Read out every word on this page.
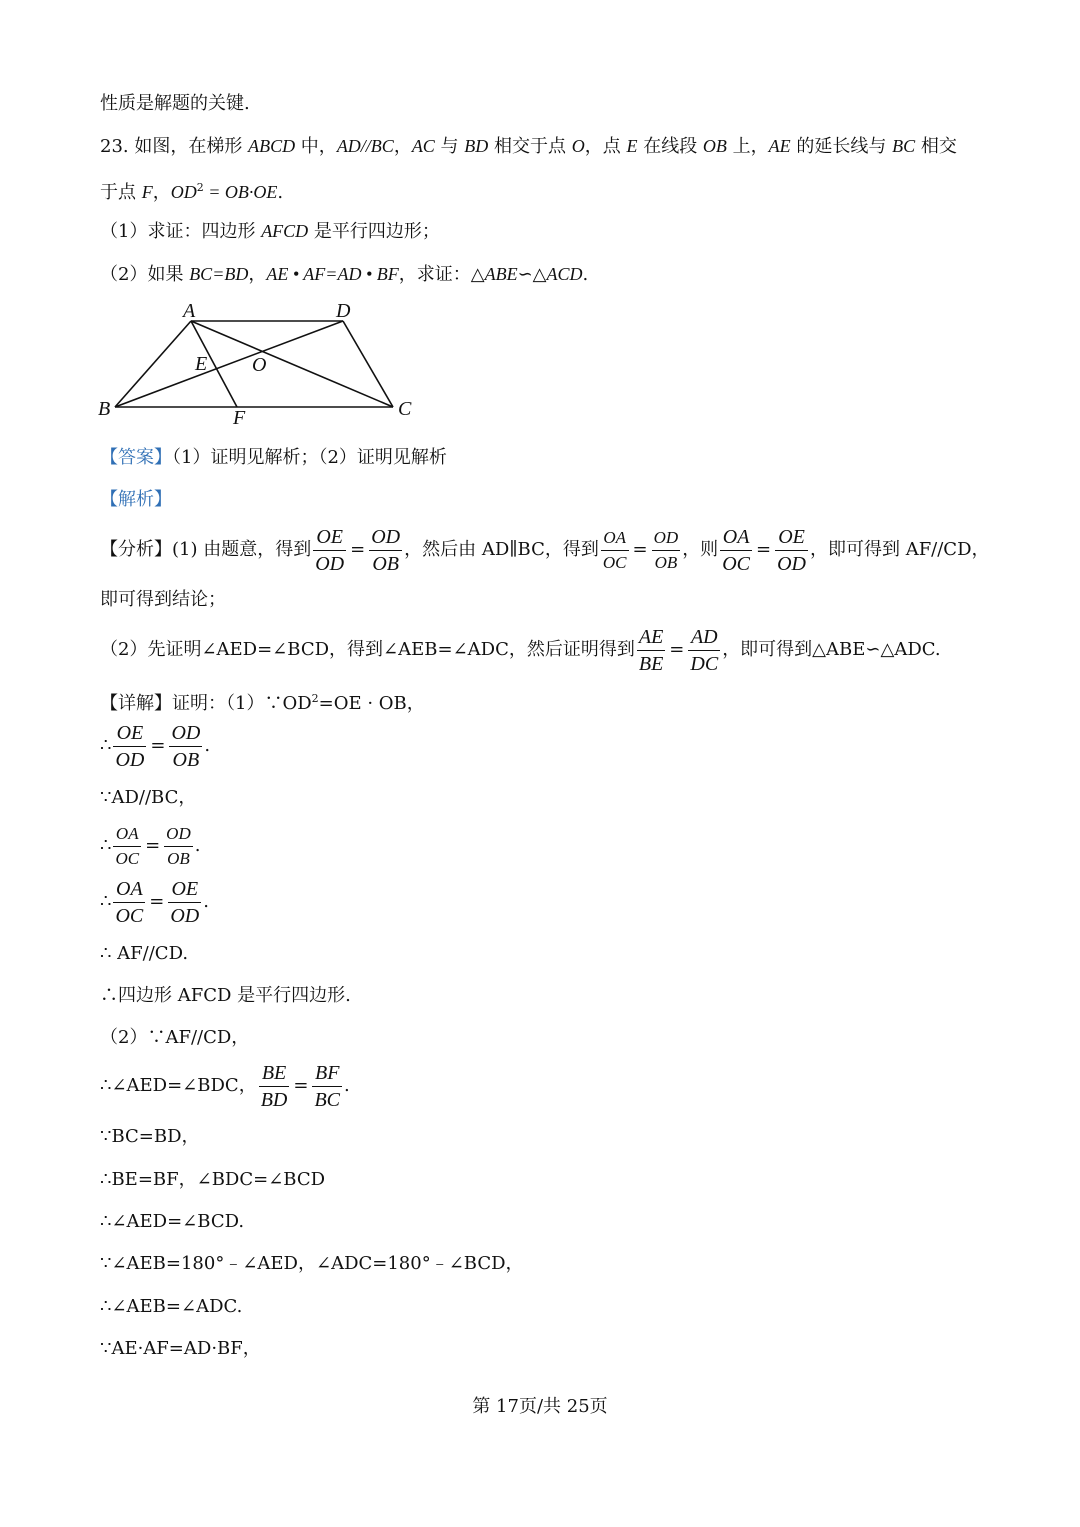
性质是解题的关键.
23. 如图，在梯形 ABCD 中，AD//BC，AC 与 BD 相交于点 O，点 E 在线段 OB 上，AE 的延长线与 BC 相交
于点 F，$OD^2 = OB\cdot OE$.
（1）求证：四边形 AFCD 是平行四边形；
（2）如果 BC=BD，AE • AF=AD • BF，求证：△ABE∽△ACD.
A	D
B	C
E O
F
【答案】（1）证明见解析；（2）证明见解析
【解析】
【分析】(1) 由题意，得到 $\frac{OE}{OD} = \frac{OD}{OB}$ ，然后由 AD∥BC，得到 $\frac{OA}{OC} = \frac{OD}{OB}$ ，则 $\frac{OA}{OC} = \frac{OE}{OD}$ ，即可得到 AF//CD，
即可得到结论；
（2）先证明∠AED=∠BCD，得到∠AEB=∠ADC，然后证明得到 $\frac{AE}{BE} = \frac{AD}{DC}$ ，即可得到△ABE∽△ADC.
【详解】证明：$(1)\because OD^2=OE$ · OB，
∴ $\frac{OE}{OD} = \frac{OD}{OB}$ .
∵AD//BC，
∴ $\frac{OA}{OC} = \frac{OD}{OB}$ .
∴ $\frac{OA}{OC} = \frac{OE}{OD}$ .
∴ AF//CD.
∴四边形 AFCD 是平行四边形.
（2）∵AF//CD，
∴∠AED=∠BDC， $\frac{BE}{BD} = \frac{BF}{BC}$ .
∵BC=BD，
∴BE=BF，∠BDC=∠BCD
∴∠AED=∠BCD.
∵∠AEB=180°﹣∠AED，∠ADC=180°﹣∠BCD，
∴∠AEB=∠ADC.
∵AE·AF=AD·BF，
第 17页/共 25页
